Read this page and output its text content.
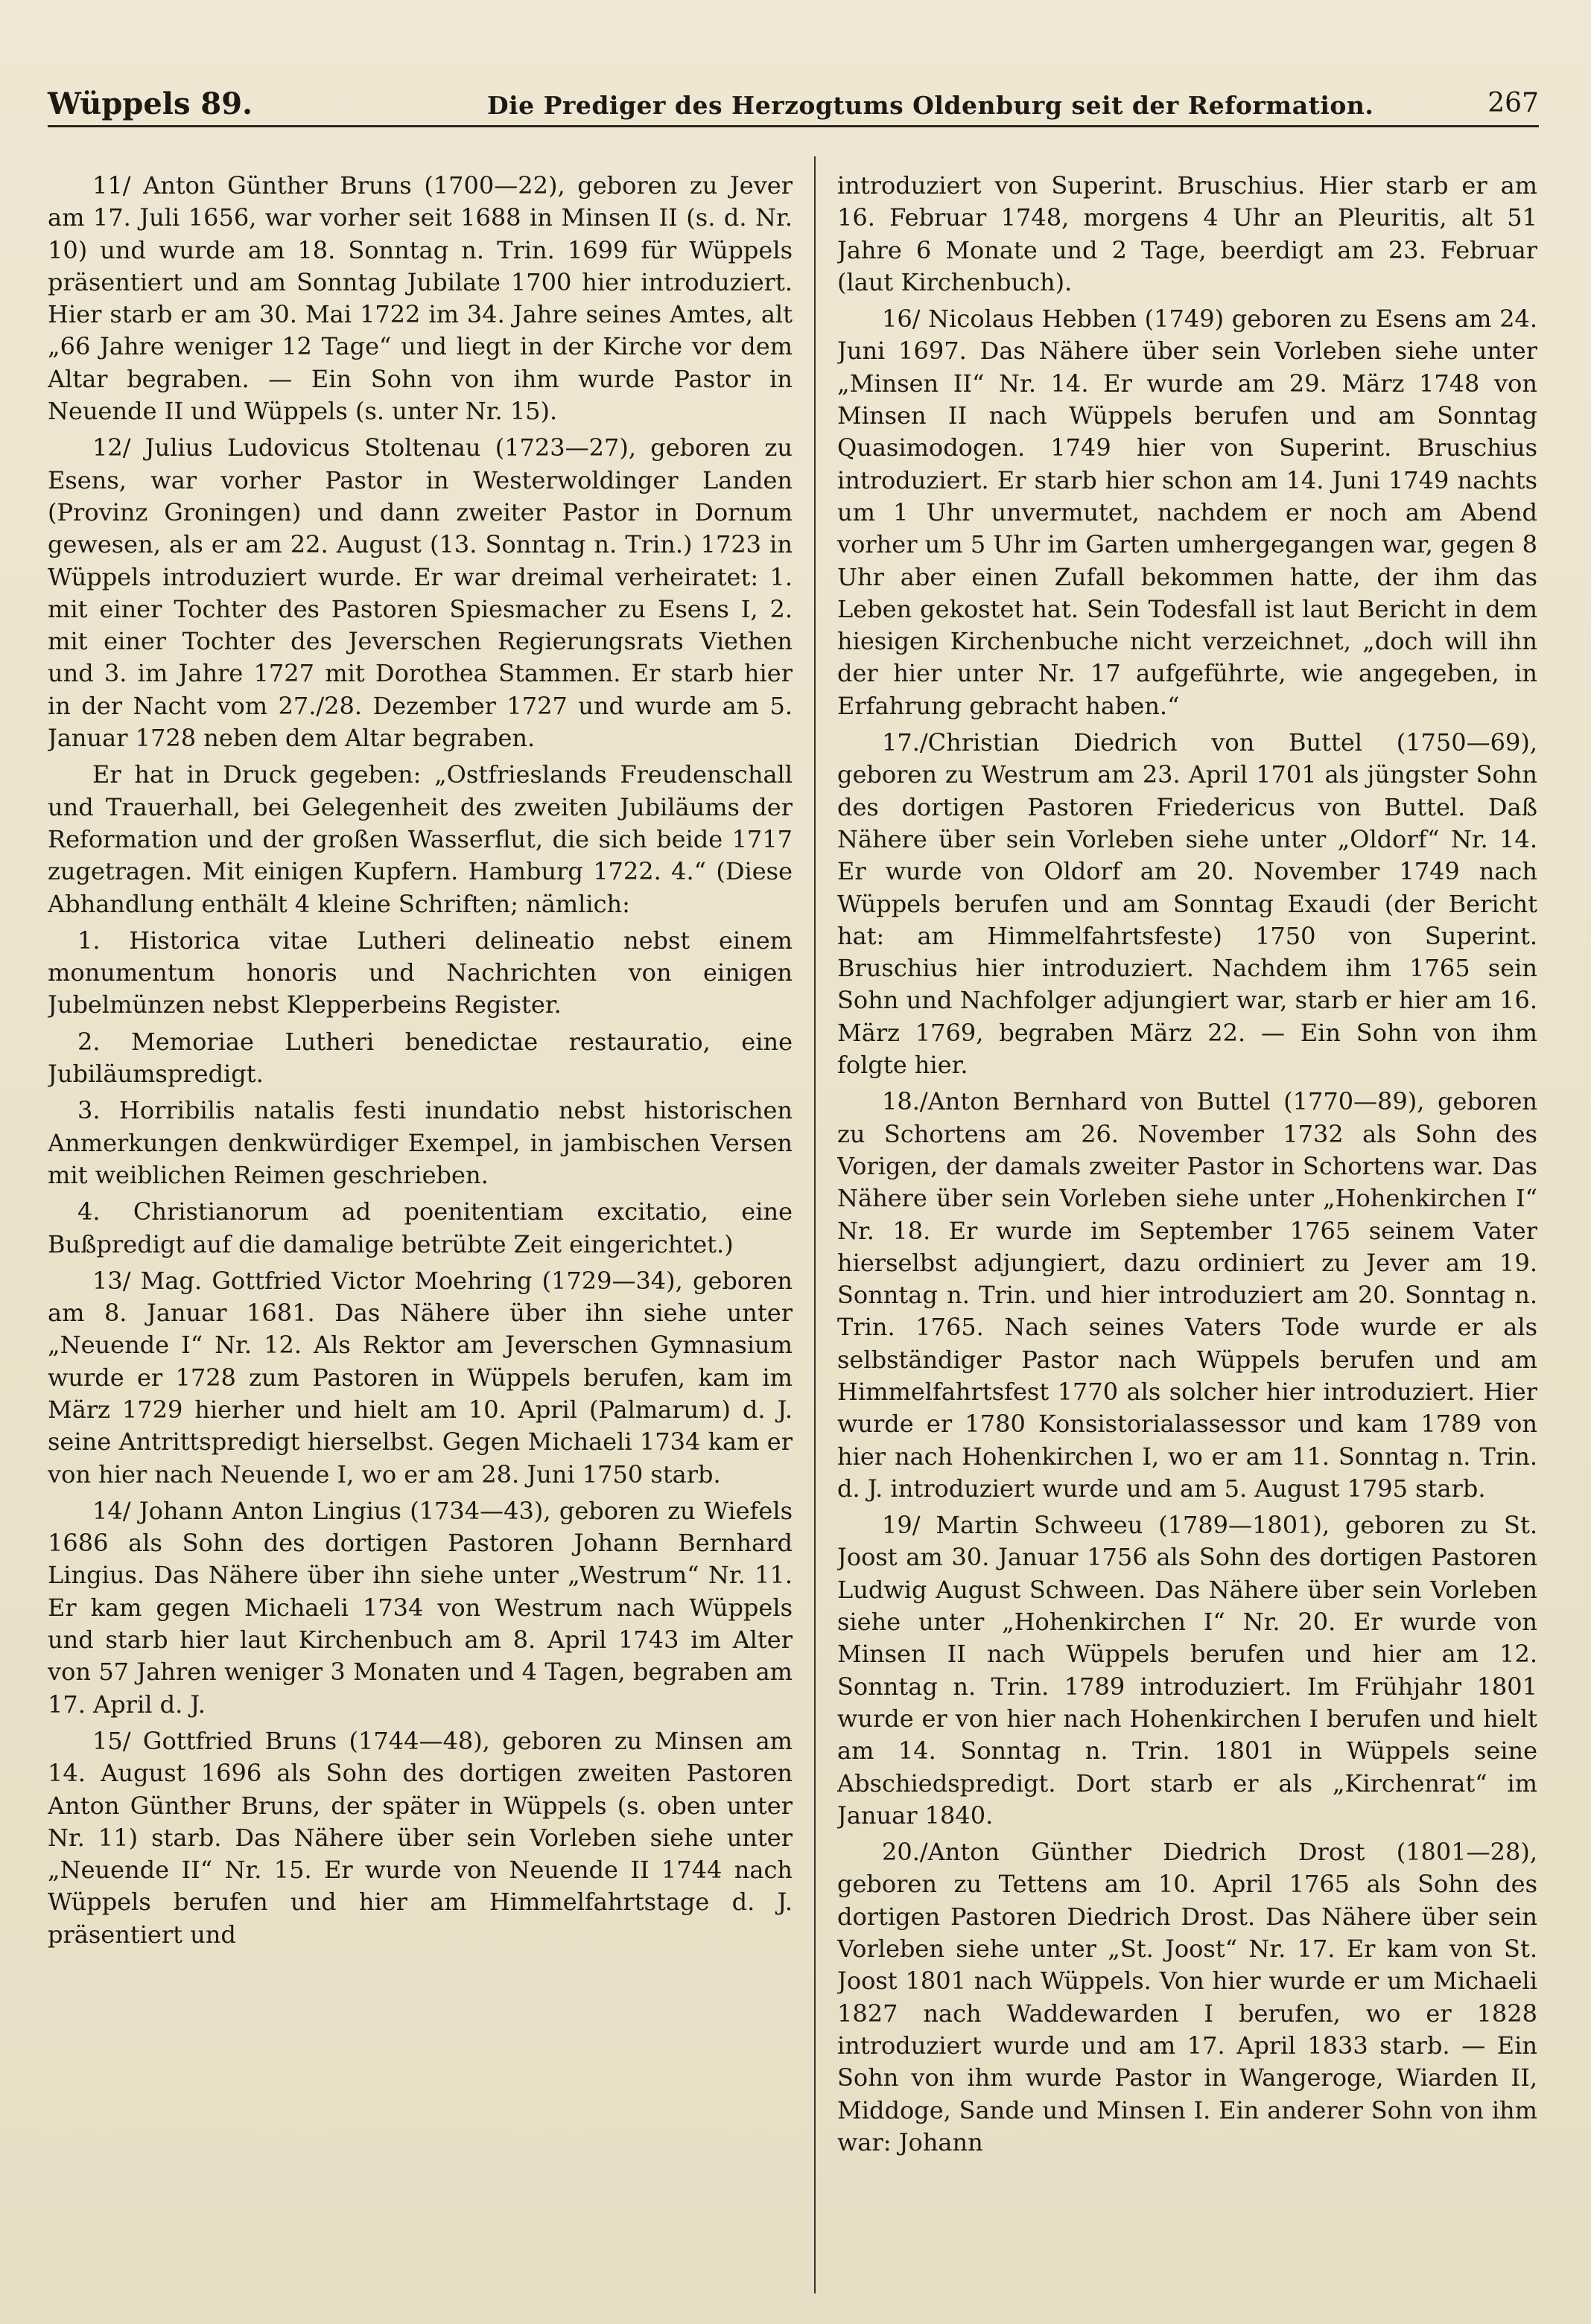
Wüppels 89.	Die Prediger des Herzogtums Oldenburg seit der Reformation.	267

11/ Anton Günther Bruns (1700—22), geboren zu Jever am 17. Juli 1656, war vorher seit 1688 in Minsen II (s. d. Nr. 10) und wurde am 18. Sonntag n. Trin. 1699 für Wüppels präsentiert und am Sonntag Jubilate 1700 hier introduziert. Hier starb er am 30. Mai 1722 im 34. Jahre seines Amtes, alt „66 Jahre weniger 12 Tage“ und liegt in der Kirche vor dem Altar begraben. — Ein Sohn von ihm wurde Pastor in Neuende II und Wüppels (s. unter Nr. 15).

12/ Julius Ludovicus Stoltenau (1723—27), geboren zu Esens, war vorher Pastor in Westerwoldinger Landen (Provinz Groningen) und dann zweiter Pastor in Dornum gewesen, als er am 22. August (13. Sonntag n. Trin.) 1723 in Wüppels introduziert wurde. Er war dreimal verheiratet: 1. mit einer Tochter des Pastoren Spiesmacher zu Esens I, 2. mit einer Tochter des Jeverschen Regierungsrats Viethen und 3. im Jahre 1727 mit Dorothea Stammen. Er starb hier in der Nacht vom 27./28. Dezember 1727 und wurde am 5. Januar 1728 neben dem Altar begraben.

Er hat in Druck gegeben: „Ostfrieslands Freudenschall und Trauerhall, bei Gelegenheit des zweiten Jubiläums der Reformation und der großen Wasserflut, die sich beide 1717 zugetragen. Mit einigen Kupfern. Hamburg 1722. 4.“ (Diese Abhandlung enthält 4 kleine Schriften; nämlich:

1. Historica vitae Lutheri delineatio nebst einem monumentum honoris und Nachrichten von einigen Jubelmünzen nebst Klepperbeins Register.

2. Memoriae Lutheri benedictae restauratio, eine Jubiläumspredigt.

3. Horribilis natalis festi inundatio nebst historischen Anmerkungen denkwürdiger Exempel, in jambischen Versen mit weiblichen Reimen geschrieben.

4. Christianorum ad poenitentiam excitatio, eine Bußpredigt auf die damalige betrübte Zeit eingerichtet.)

13/ Mag. Gottfried Victor Moehring (1729—34), geboren am 8. Januar 1681. Das Nähere über ihn siehe unter „Neuende I“ Nr. 12. Als Rektor am Jeverschen Gymnasium wurde er 1728 zum Pastoren in Wüppels berufen, kam im März 1729 hierher und hielt am 10. April (Palmarum) d. J. seine Antrittspredigt hierselbst. Gegen Michaeli 1734 kam er von hier nach Neuende I, wo er am 28. Juni 1750 starb.

14/ Johann Anton Lingius (1734—43), geboren zu Wiefels 1686 als Sohn des dortigen Pastoren Johann Bernhard Lingius. Das Nähere über ihn siehe unter „Westrum“ Nr. 11. Er kam gegen Michaeli 1734 von Westrum nach Wüppels und starb hier laut Kirchenbuch am 8. April 1743 im Alter von 57 Jahren weniger 3 Monaten und 4 Tagen, begraben am 17. April d. J.

15/ Gottfried Bruns (1744—48), geboren zu Minsen am 14. August 1696 als Sohn des dortigen zweiten Pastoren Anton Günther Bruns, der später in Wüppels (s. oben unter Nr. 11) starb. Das Nähere über sein Vorleben siehe unter „Neuende II“ Nr. 15. Er wurde von Neuende II 1744 nach Wüppels berufen und hier am Himmelfahrtstage d. J. präsentiert und

introduziert von Superint. Bruschius. Hier starb er am 16. Februar 1748, morgens 4 Uhr an Pleuritis, alt 51 Jahre 6 Monate und 2 Tage, beerdigt am 23. Februar (laut Kirchenbuch).

16/ Nicolaus Hebben (1749) geboren zu Esens am 24. Juni 1697. Das Nähere über sein Vorleben siehe unter „Minsen II“ Nr. 14. Er wurde am 29. März 1748 von Minsen II nach Wüppels berufen und am Sonntag Quasimodogen. 1749 hier von Superint. Bruschius introduziert. Er starb hier schon am 14. Juni 1749 nachts um 1 Uhr unvermutet, nachdem er noch am Abend vorher um 5 Uhr im Garten umhergegangen war, gegen 8 Uhr aber einen Zufall bekommen hatte, der ihm das Leben gekostet hat. Sein Todesfall ist laut Bericht in dem hiesigen Kirchenbuche nicht verzeichnet, „doch will ihn der hier unter Nr. 17 aufgeführte, wie angegeben, in Erfahrung gebracht haben.“

17./Christian Diedrich von Buttel (1750—69), geboren zu Westrum am 23. April 1701 als jüngster Sohn des dortigen Pastoren Friedericus von Buttel. Daß Nähere über sein Vorleben siehe unter „Oldorf“ Nr. 14. Er wurde von Oldorf am 20. November 1749 nach Wüppels berufen und am Sonntag Exaudi (der Bericht hat: am Himmelfahrtsfeste) 1750 von Superint. Bruschius hier introduziert. Nachdem ihm 1765 sein Sohn und Nachfolger adjungiert war, starb er hier am 16. März 1769, begraben März 22. — Ein Sohn von ihm folgte hier.

18./Anton Bernhard von Buttel (1770—89), geboren zu Schortens am 26. November 1732 als Sohn des Vorigen, der damals zweiter Pastor in Schortens war. Das Nähere über sein Vorleben siehe unter „Hohenkirchen I“ Nr. 18. Er wurde im September 1765 seinem Vater hierselbst adjungiert, dazu ordiniert zu Jever am 19. Sonntag n. Trin. und hier introduziert am 20. Sonntag n. Trin. 1765. Nach seines Vaters Tode wurde er als selbständiger Pastor nach Wüppels berufen und am Himmelfahrtsfest 1770 als solcher hier introduziert. Hier wurde er 1780 Konsistorialassessor und kam 1789 von hier nach Hohenkirchen I, wo er am 11. Sonntag n. Trin. d. J. introduziert wurde und am 5. August 1795 starb.

19/ Martin Schweeu (1789—1801), geboren zu St. Joost am 30. Januar 1756 als Sohn des dortigen Pastoren Ludwig August Schween. Das Nähere über sein Vorleben siehe unter „Hohenkirchen I“ Nr. 20. Er wurde von Minsen II nach Wüppels berufen und hier am 12. Sonntag n. Trin. 1789 introduziert. Im Frühjahr 1801 wurde er von hier nach Hohenkirchen I berufen und hielt am 14. Sonntag n. Trin. 1801 in Wüppels seine Abschiedspredigt. Dort starb er als „Kirchenrat“ im Januar 1840.

20./Anton Günther Diedrich Drost (1801—28), geboren zu Tettens am 10. April 1765 als Sohn des dortigen Pastoren Diedrich Drost. Das Nähere über sein Vorleben siehe unter „St. Joost“ Nr. 17. Er kam von St. Joost 1801 nach Wüppels. Von hier wurde er um Michaeli 1827 nach Waddewarden I berufen, wo er 1828 introduziert wurde und am 17. April 1833 starb. — Ein Sohn von ihm wurde Pastor in Wangeroge, Wiarden II, Middoge, Sande und Minsen I. Ein anderer Sohn von ihm war: Johann
